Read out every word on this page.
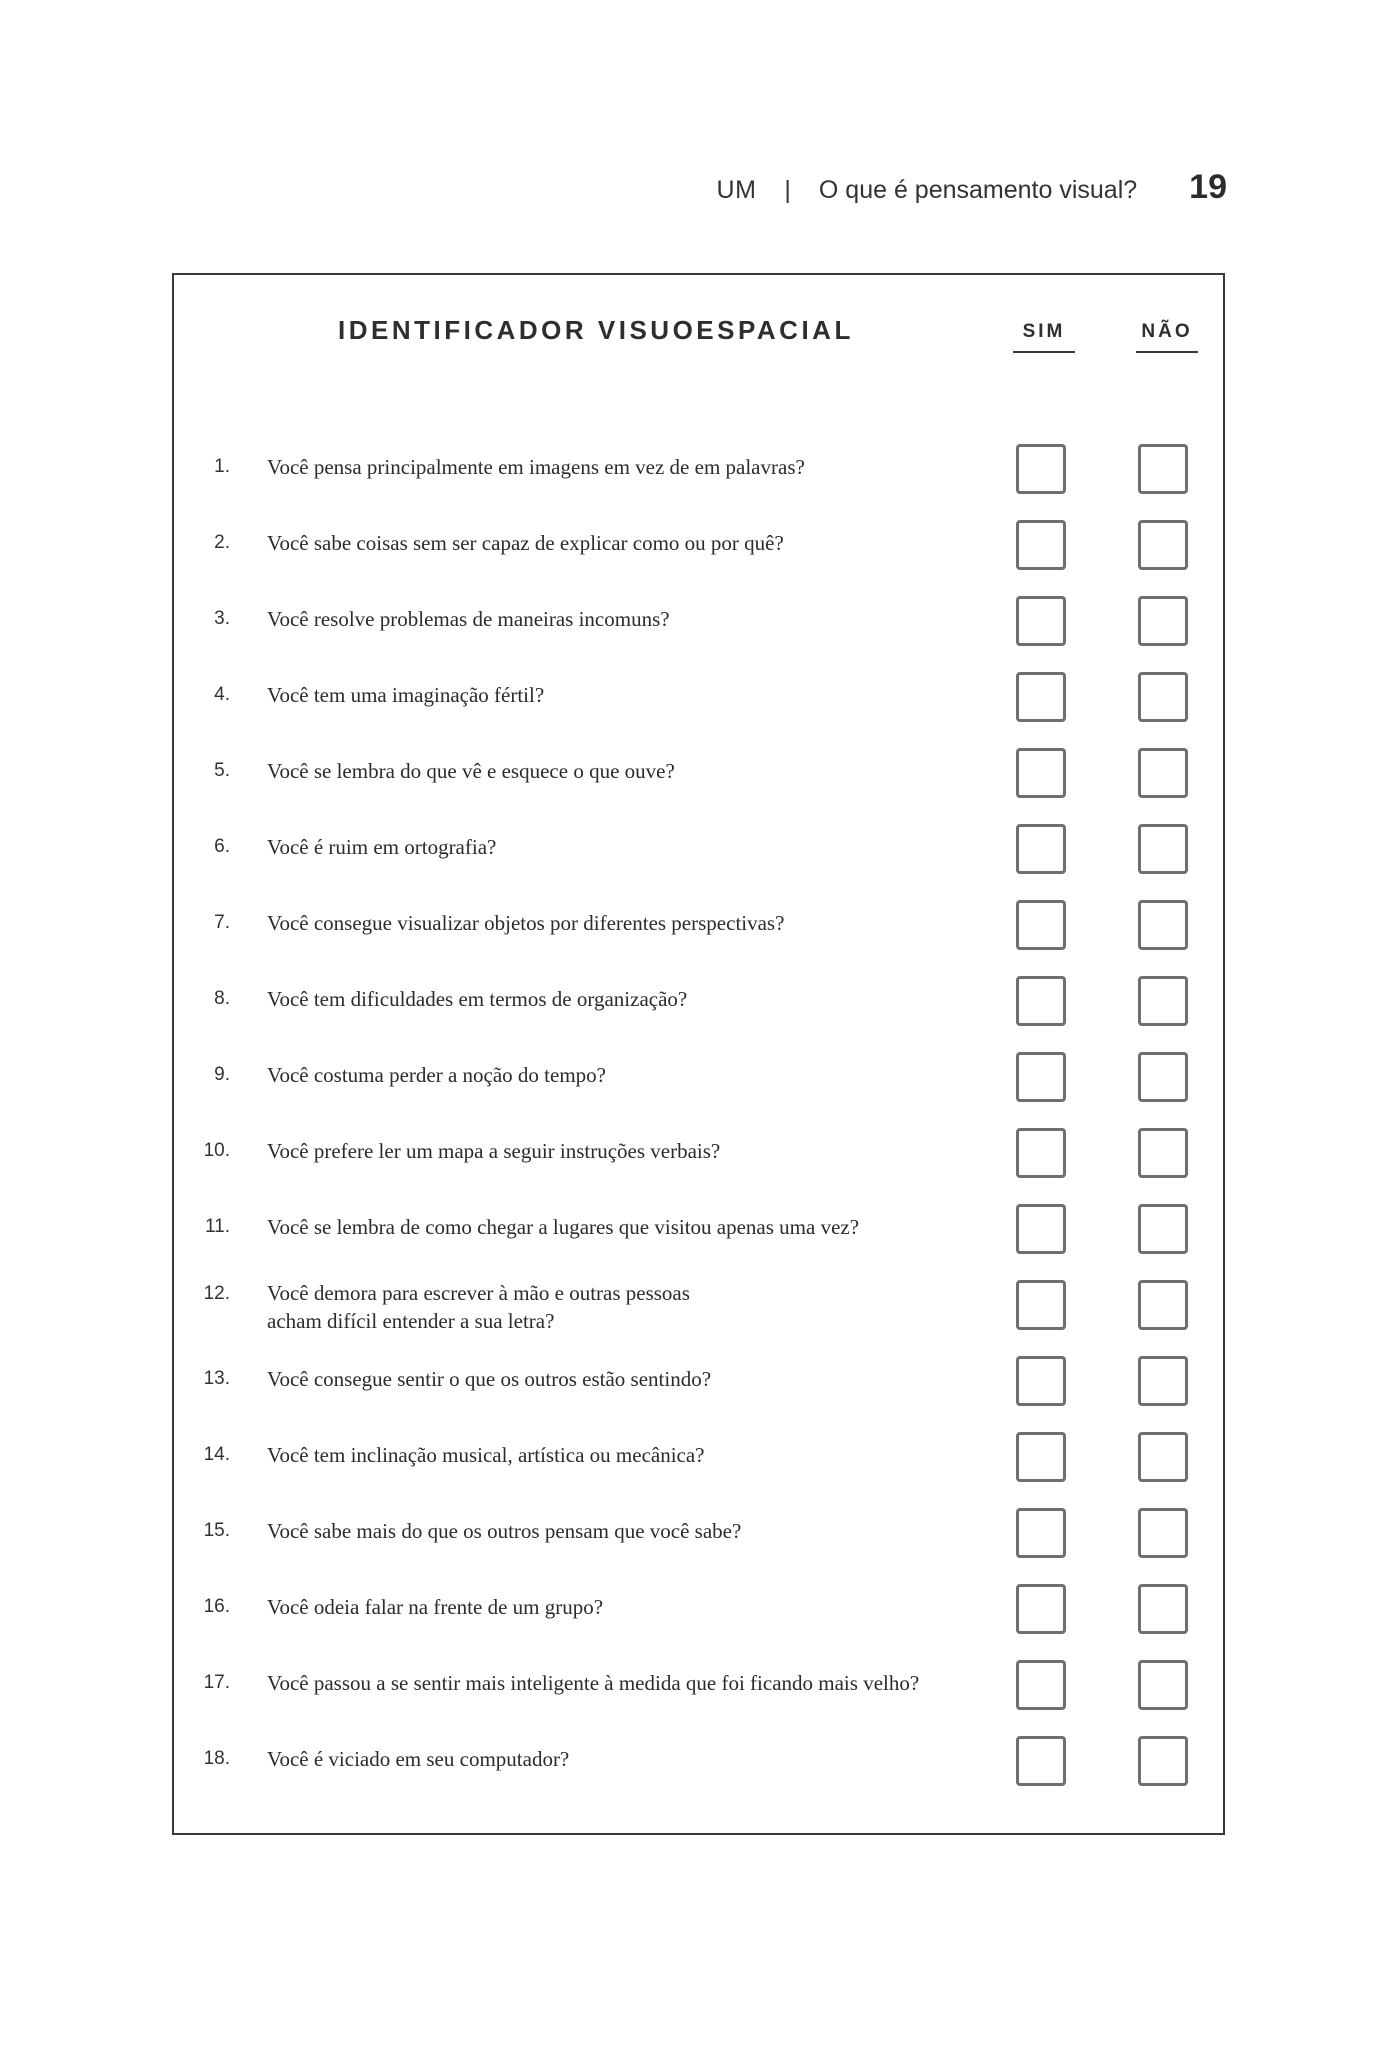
UM | O que é pensamento visual? 19
IDENTIFICADOR VISUOESPACIAL	SIM	NÃO
1. Você pensa principalmente em imagens em vez de em palavras?
2. Você sabe coisas sem ser capaz de explicar como ou por quê?
3. Você resolve problemas de maneiras incomuns?
4. Você tem uma imaginação fértil?
5. Você se lembra do que vê e esquece o que ouve?
6. Você é ruim em ortografia?
7. Você consegue visualizar objetos por diferentes perspectivas?
8. Você tem dificuldades em termos de organização?
9. Você costuma perder a noção do tempo?
10. Você prefere ler um mapa a seguir instruções verbais?
11. Você se lembra de como chegar a lugares que visitou apenas uma vez?
12. Você demora para escrever à mão e outras pessoas
acham difícil entender a sua letra?
13. Você consegue sentir o que os outros estão sentindo?
14. Você tem inclinação musical, artística ou mecânica?
15. Você sabe mais do que os outros pensam que você sabe?
16. Você odeia falar na frente de um grupo?
17. Você passou a se sentir mais inteligente à medida que foi ficando mais velho?
18. Você é viciado em seu computador?
